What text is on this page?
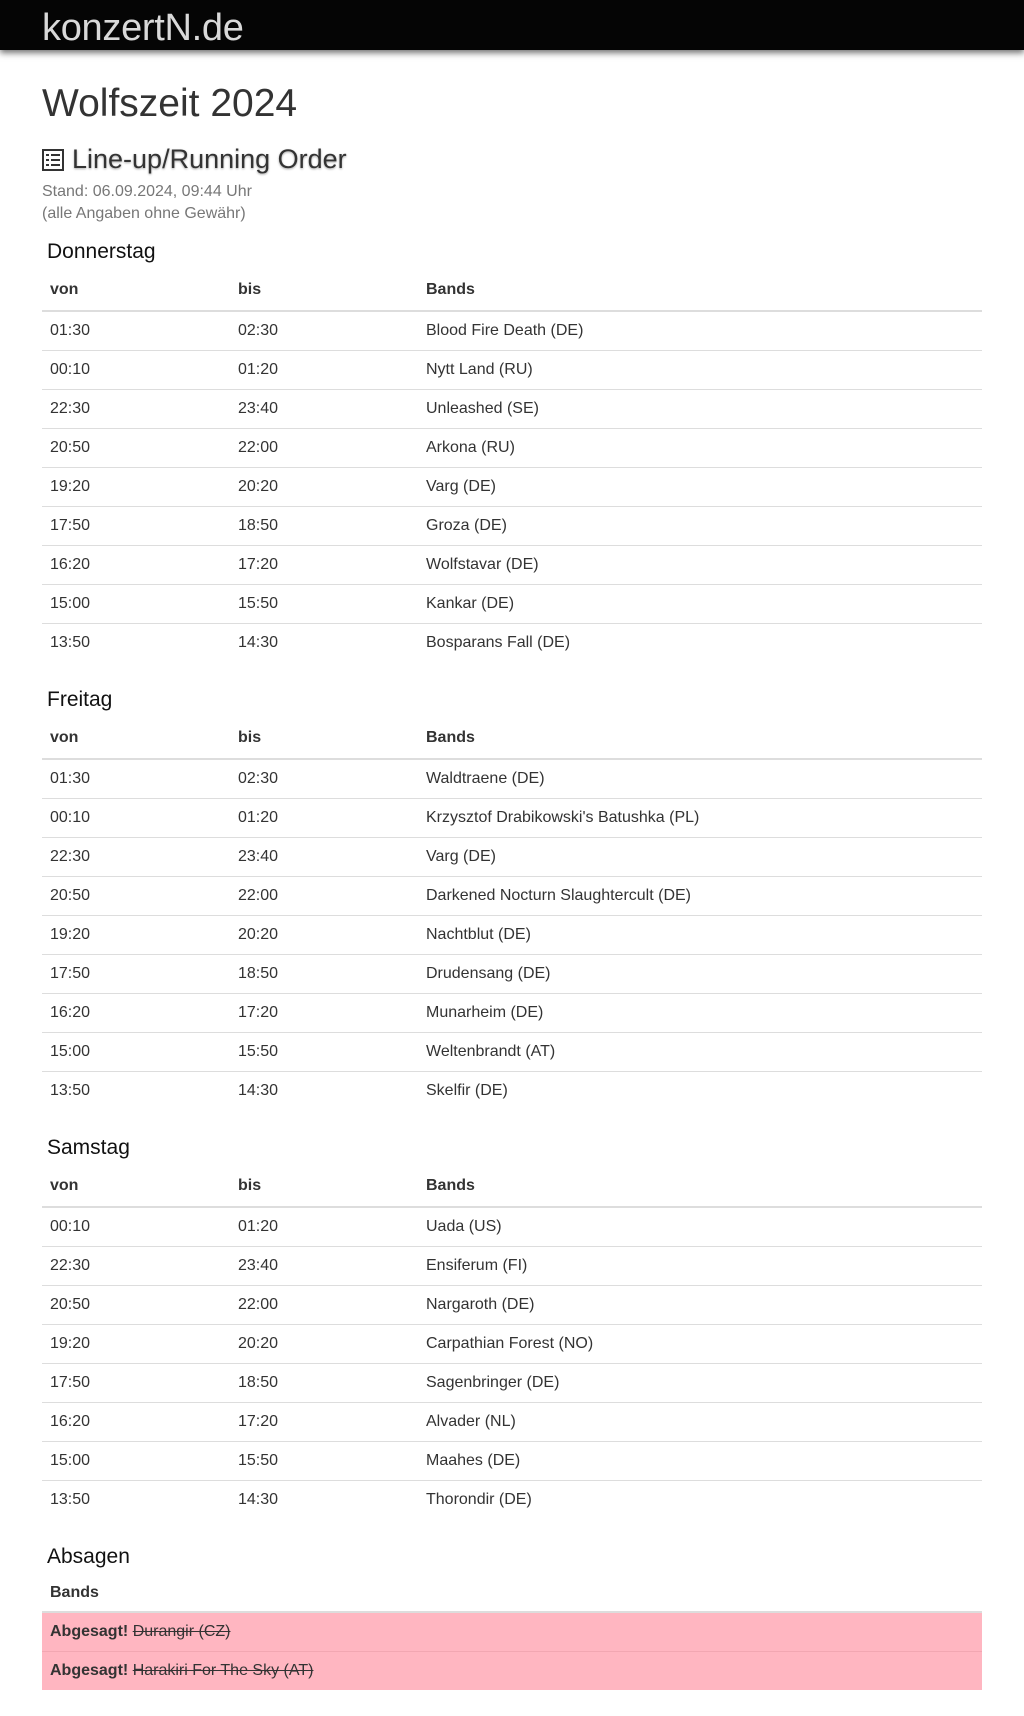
konzertN.de
Wolfszeit 2024
Line-up/Running Order
Stand: 06.09.2024, 09:44 Uhr
(alle Angaben ohne Gewähr)
Donnerstag
von	bis	Bands
01:30	02:30	Blood Fire Death (DE)
00:10	01:20	Nytt Land (RU)
22:30	23:40	Unleashed (SE)
20:50	22:00	Arkona (RU)
19:20	20:20	Varg (DE)
17:50	18:50	Groza (DE)
16:20	17:20	Wolfstavar (DE)
15:00	15:50	Kankar (DE)
13:50	14:30	Bosparans Fall (DE)
Freitag
von	bis	Bands
01:30	02:30	Waldtraene (DE)
00:10	01:20	Krzysztof Drabikowski's Batushka (PL)
22:30	23:40	Varg (DE)
20:50	22:00	Darkened Nocturn Slaughtercult (DE)
19:20	20:20	Nachtblut (DE)
17:50	18:50	Drudensang (DE)
16:20	17:20	Munarheim (DE)
15:00	15:50	Weltenbrandt (AT)
13:50	14:30	Skelfir (DE)
Samstag
von	bis	Bands
00:10	01:20	Uada (US)
22:30	23:40	Ensiferum (FI)
20:50	22:00	Nargaroth (DE)
19:20	20:20	Carpathian Forest (NO)
17:50	18:50	Sagenbringer (DE)
16:20	17:20	Alvader (NL)
15:00	15:50	Maahes (DE)
13:50	14:30	Thorondir (DE)
Absagen
Bands
Abgesagt! Durangir (CZ)
Abgesagt! Harakiri For The Sky (AT)
